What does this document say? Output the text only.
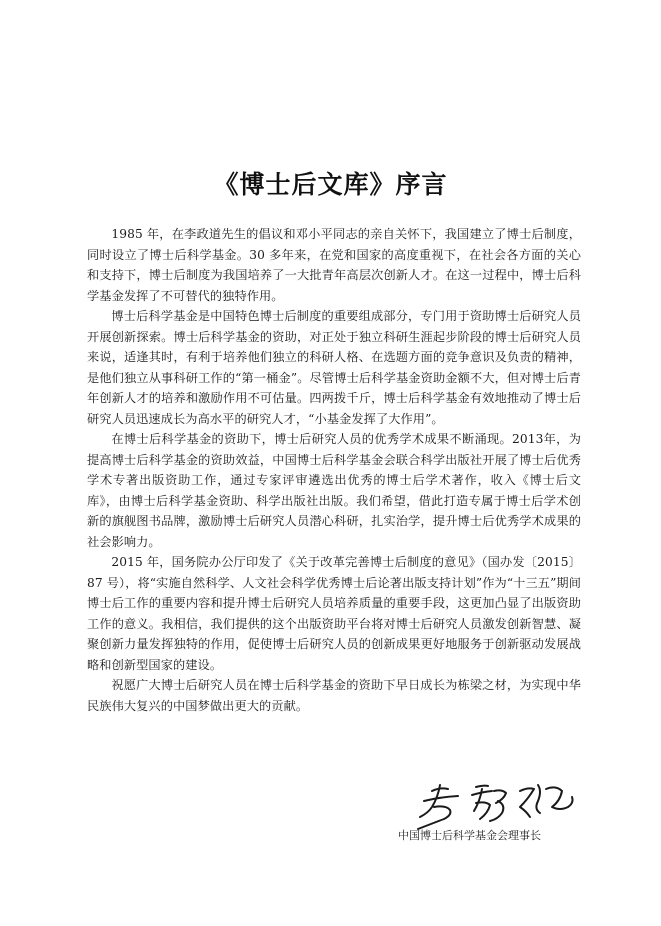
《博士后文库》序言

1985 年，在李政道先生的倡议和邓小平同志的亲自关怀下，我国建立了博士后制度，同时设立了博士后科学基金。30 多年来，在党和国家的高度重视下，在社会各方面的关心和支持下，博士后制度为我国培养了一大批青年高层次创新人才。在这一过程中，博士后科学基金发挥了不可替代的独特作用。

博士后科学基金是中国特色博士后制度的重要组成部分，专门用于资助博士后研究人员开展创新探索。博士后科学基金的资助，对正处于独立科研生涯起步阶段的博士后研究人员来说，适逢其时，有利于培养他们独立的科研人格、在选题方面的竞争意识及负责的精神，是他们独立从事科研工作的“第一桶金”。尽管博士后科学基金资助金额不大，但对博士后青年创新人才的培养和激励作用不可估量。四两拨千斤，博士后科学基金有效地推动了博士后研究人员迅速成长为高水平的研究人才，“小基金发挥了大作用”。

在博士后科学基金的资助下，博士后研究人员的优秀学术成果不断涌现。2013年，为提高博士后科学基金的资助效益，中国博士后科学基金会联合科学出版社开展了博士后优秀学术专著出版资助工作，通过专家评审遴选出优秀的博士后学术著作，收入《博士后文库》，由博士后科学基金资助、科学出版社出版。我们希望，借此打造专属于博士后学术创新的旗舰图书品牌，激励博士后研究人员潜心科研，扎实治学，提升博士后优秀学术成果的社会影响力。

2015 年，国务院办公厅印发了《关于改革完善博士后制度的意见》（国办发〔2015〕87 号），将“实施自然科学、人文社会科学优秀博士后论著出版支持计划”作为“十三五”期间博士后工作的重要内容和提升博士后研究人员培养质量的重要手段，这更加凸显了出版资助工作的意义。我相信，我们提供的这个出版资助平台将对博士后研究人员激发创新智慧、凝聚创新力量发挥独特的作用，促使博士后研究人员的创新成果更好地服务于创新驱动发展战略和创新型国家的建设。

祝愿广大博士后研究人员在博士后科学基金的资助下早日成长为栋梁之材，为实现中华民族伟大复兴的中国梦做出更大的贡献。

中国博士后科学基金会理事长
